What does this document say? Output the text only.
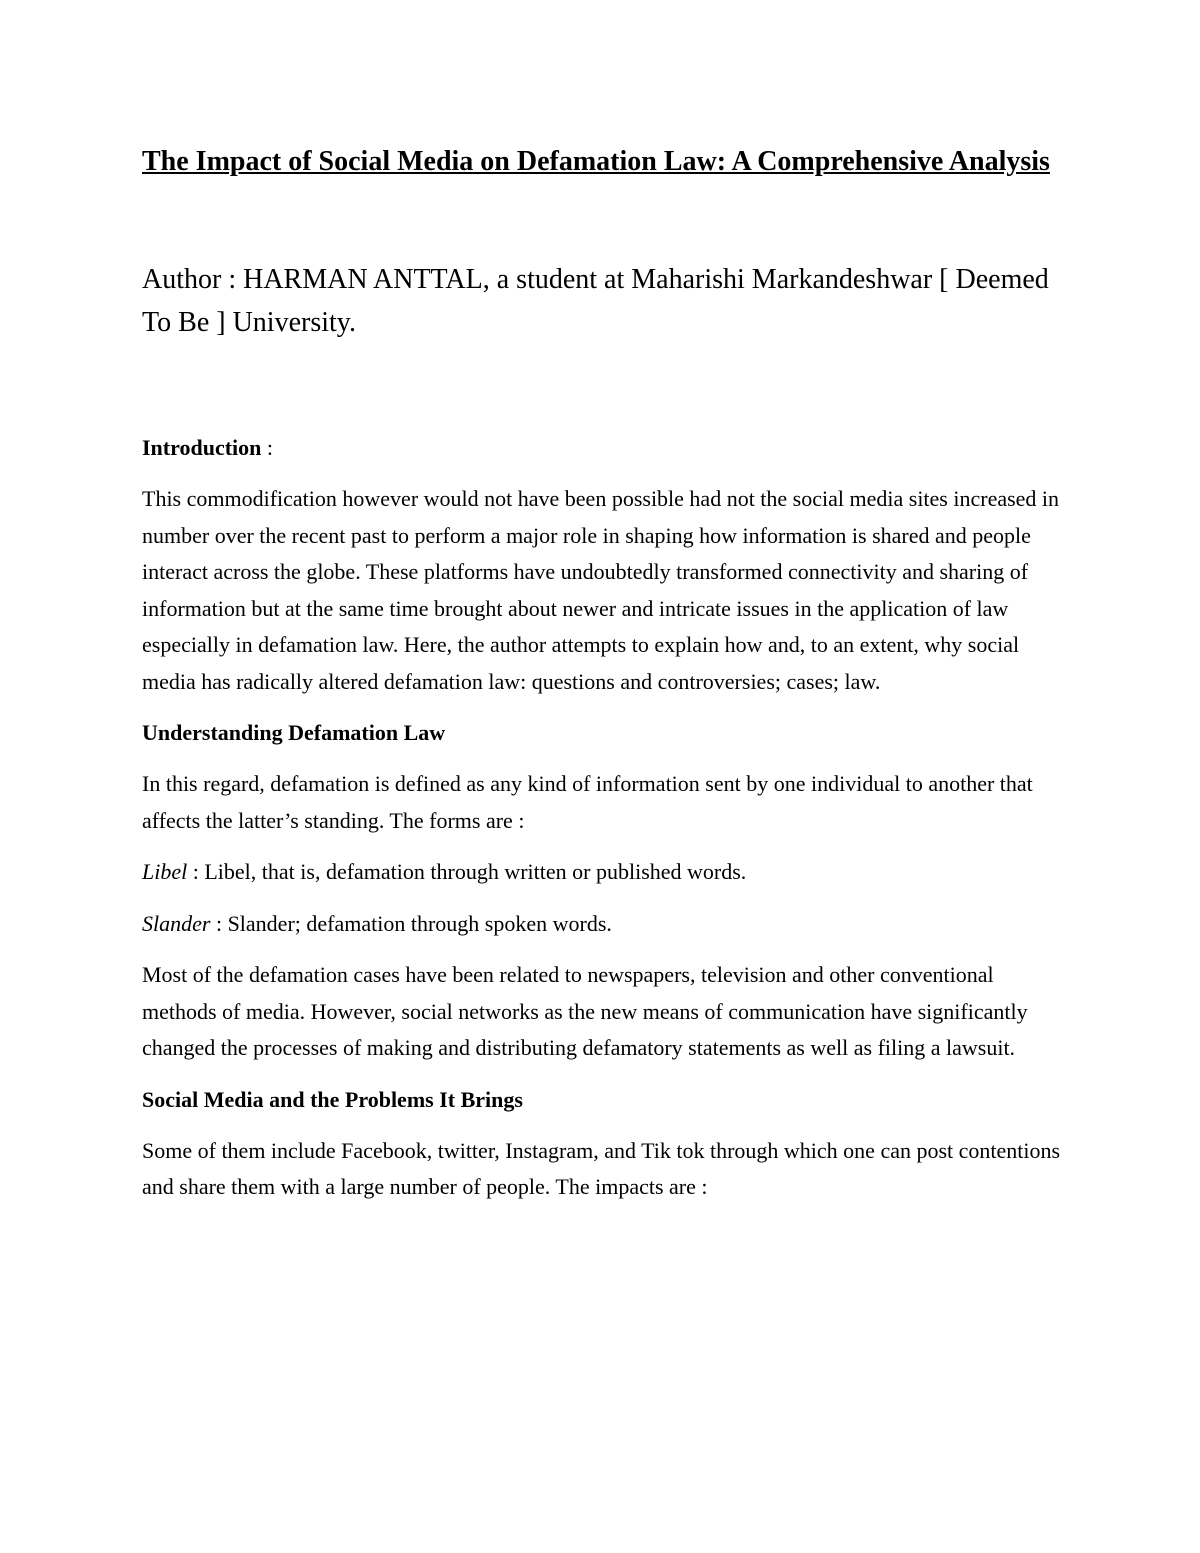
The Impact of Social Media on Defamation Law: A Comprehensive Analysis

Author : HARMAN ANTTAL, a student at Maharishi Markandeshwar [ Deemed To Be ] University.

Introduction :

This commodification however would not have been possible had not the social media sites increased in number over the recent past to perform a major role in shaping how information is shared and people interact across the globe. These platforms have undoubtedly transformed connectivity and sharing of information but at the same time brought about newer and intricate issues in the application of law especially in defamation law. Here, the author attempts to explain how and, to an extent, why social media has radically altered defamation law: questions and controversies; cases; law.

Understanding Defamation Law

In this regard, defamation is defined as any kind of information sent by one individual to another that affects the latter’s standing. The forms are :

Libel : Libel, that is, defamation through written or published words.

Slander : Slander; defamation through spoken words.

Most of the defamation cases have been related to newspapers, television and other conventional methods of media. However, social networks as the new means of communication have significantly changed the processes of making and distributing defamatory statements as well as filing a lawsuit.

Social Media and the Problems It Brings

Some of them include Facebook, twitter, Instagram, and Tik tok through which one can post contentions and share them with a large number of people. The impacts are :
